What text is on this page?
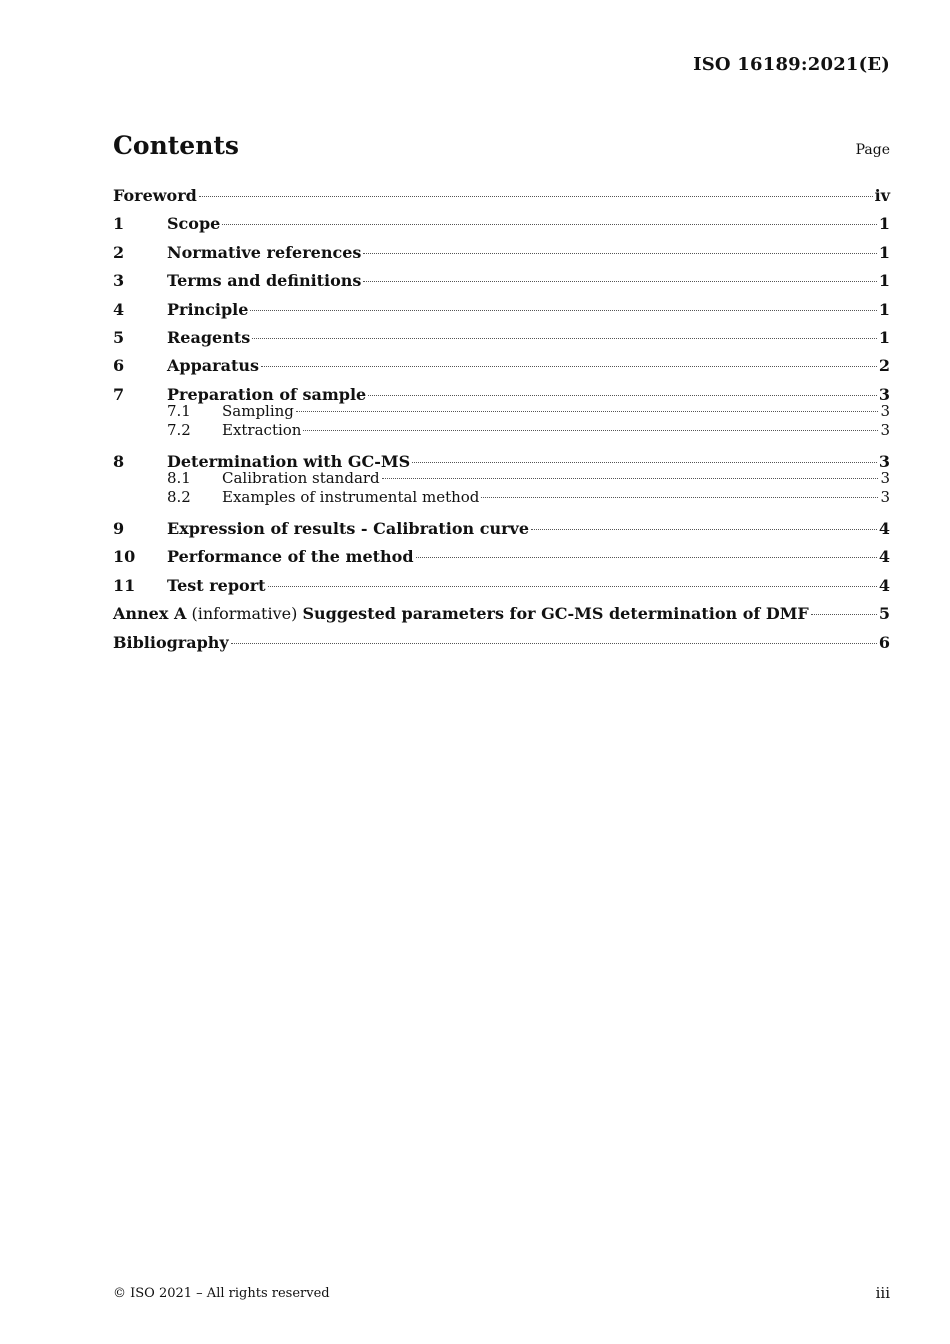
ISO 16189:2021(E)
Contents	Page
Foreword	iv
1	Scope	1
2	Normative references	1
3	Terms and definitions	1
4	Principle	1
5	Reagents	1
6	Apparatus	2
7	Preparation of sample	3
7.1	Sampling	3
7.2	Extraction	3
8	Determination with GC-MS	3
8.1	Calibration standard	3
8.2	Examples of instrumental method	3
9	Expression of results - Calibration curve	4
10	Performance of the method	4
11	Test report	4
Annex A (informative) Suggested parameters for GC-MS determination of DMF	5
Bibliography	6
© ISO 2021 – All rights reserved	iii
